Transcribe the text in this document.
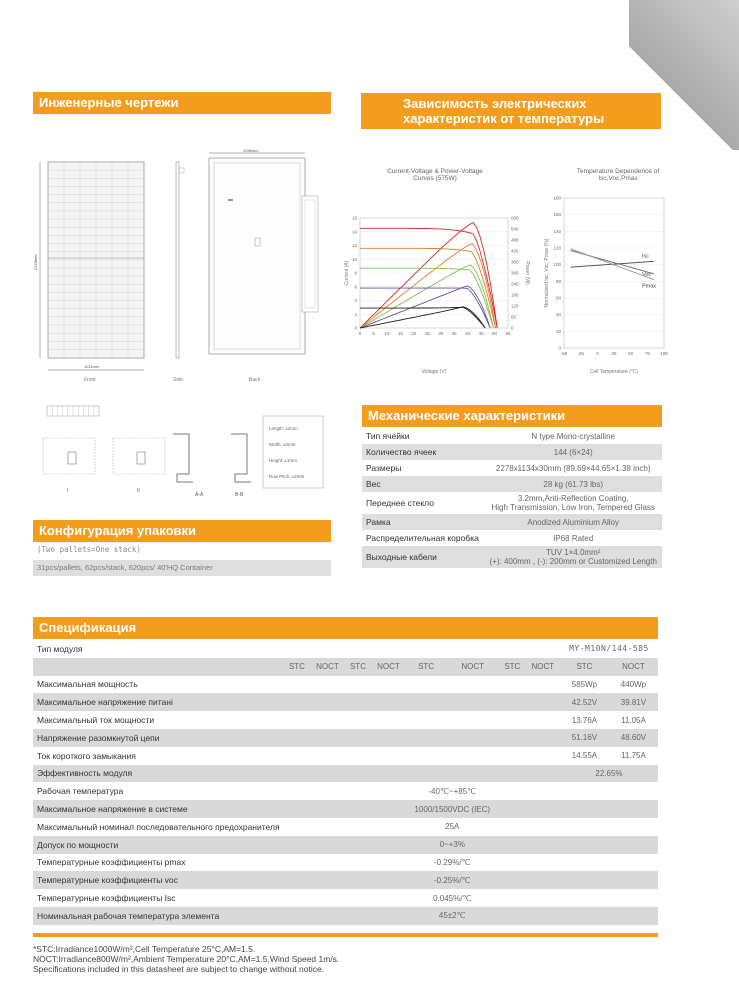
Инженерные чертежи	Зависимость электрических
характеристик от температуры
Механические характеристики
Конфигурация упаковки
Спецификация
1134mm
2278mm
Front	Side
1096mm
Back
I	II
A-A	B-B
Length: ±2mm
Width: ±2mm
Height: ±1mm
Row Pitch: ±2mm
Current-Voltage & Power-Voltage
Curves (575W)
0
2
4
6
8
10
12
14
16
0
60
120
180
240
300
360
420
480
540
600
0 5 10 15 20 25 30 35 40 45 50 55
Voltage (V)
Current (A)	Power (W)
Temperature Dependence of
Isc,Voc,Pmax
0
20
40
60
80
100
120
140
160
180
-50 -25	0	25	50	75 100
Cell Temperature (°C)
Normalized Isc, Voc, Pmax (%)	Isc
Voc
Pmax
Тип ячейки	N type Mono-crystalline
Количество ячеек	144 (6×24)
Размеры	2278x1134x30mm (89.69×44.65×1.38 inch)
Вес	28 kg (61.73 lbs)
Переднее стекло	3.2mm,Anti-Reflection Coating,
High Transmission, Low Iron, Tempered Glass
Рамка	Anodized Aluminium Alloy
Распределительная коробка	IP68 Rated
Выходные кабели	TUV 1×4.0mm²
(+): 400mm , (-): 200mm or Customized Length
(Two pallets=One stack)
31pcs/pallets, 62pcs/stack, 620pcs/ 40'HQ Container
Тип модуля									MY-M10N/144-585	
	STC	NOCT	STC	NOCT	STC	NOCT	STC	NOCT	STC	NOCT
Максимальная мощность									585Wp	440Wp
Максимальное напряжение питані									42.52V	39.81V
Максимальный ток мощности									13.76A	11.05A
Напряжение разомкнутой цепи									51.16V	48.60V
Ток короткого замыкания									14.55A	11.75A
Эффективность модуля									22.65%	
Рабочая температура					-40℃~+85℃					
Максимальное напряжение в системе					1000/1500VDC (IEC)					
Максимальный номинал последовательного предохранителя					25A					
Допуск по мощности					0~+3%					
Температурные коэффициенты pmax					-0.29%/℃					
Температурные коэффициенты voc					-0.25%/℃					
Температурные коэффициенты Isc					0.045%/℃					
Номинальная рабочая температура элемента					45±2℃					
*STC:Irradiance1000W/m²,Cell Temperature 25°C,AM=1.5.
NOCT:Irradiance800W/m²,Ambient Temperature 20°C,AM=1.5,Wind Speed 1m/s.
Specifications included in this datasheet are subject to change without notice.
